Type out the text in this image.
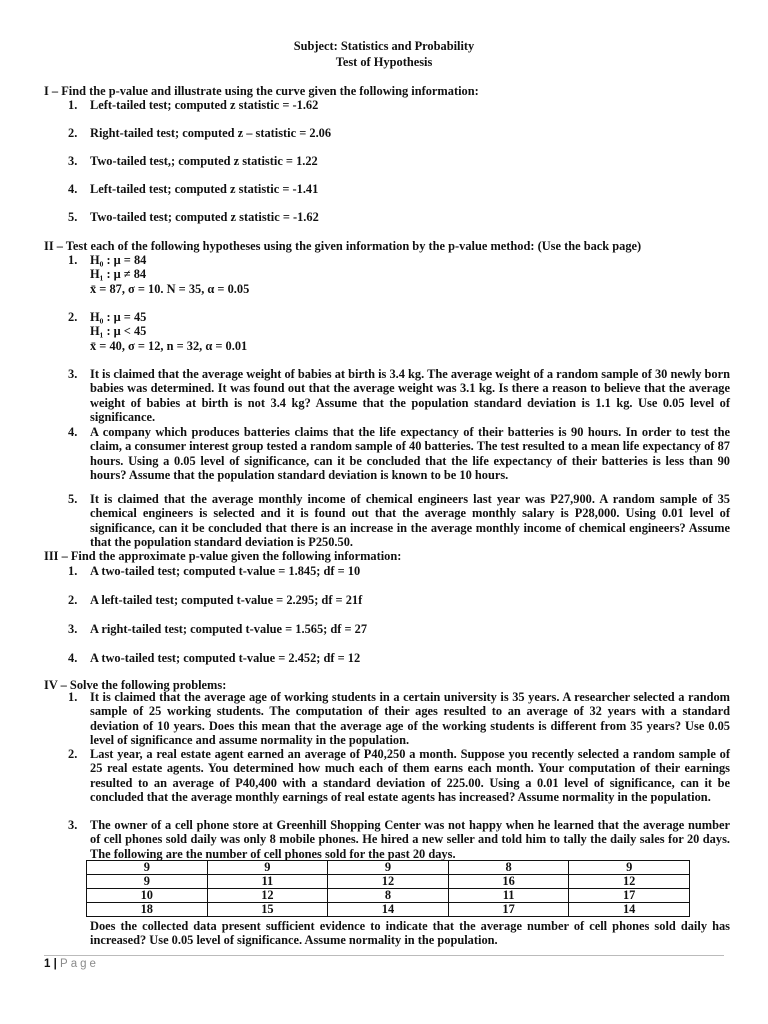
Subject: Statistics and Probability
Test of Hypothesis
I – Find the p-value and illustrate using the curve given the following information:
1. Left-tailed test; computed z statistic = -1.62
2. Right-tailed test; computed z – statistic = 2.06
3. Two-tailed test,; computed z statistic = 1.22
4. Left-tailed test; computed z statistic = -1.41
5. Two-tailed test; computed z statistic = -1.62
II – Test each of the following hypotheses using the given information by the p-value method: (Use the back page)
1. H₀ : μ = 84
H₁ : μ ≠ 84
x̄ = 87, σ = 10. N = 35, α = 0.05
2. H₀ : μ = 45
H₁ : μ < 45
x̄ = 40, σ = 12, n = 32, α = 0.01
3. It is claimed that the average weight of babies at birth is 3.4 kg. The average weight of a random sample of 30 newly born babies was determined. It was found out that the average weight was 3.1 kg. Is there a reason to believe that the average weight of babies at birth is not 3.4 kg? Assume that the population standard deviation is 1.1 kg. Use 0.05 level of significance.
4. A company which produces batteries claims that the life expectancy of their batteries is 90 hours. In order to test the claim, a consumer interest group tested a random sample of 40 batteries. The test resulted to a mean life expectancy of 87 hours. Using a 0.05 level of significance, can it be concluded that the life expectancy of their batteries is less than 90 hours? Assume that the population standard deviation is known to be 10 hours.
5. It is claimed that the average monthly income of chemical engineers last year was P27,900. A random sample of 35 chemical engineers is selected and it is found out that the average monthly salary is P28,000. Using 0.01 level of significance, can it be concluded that there is an increase in the average monthly income of chemical engineers? Assume that the population standard deviation is P250.50.
III – Find the approximate p-value given the following information:
1. A two-tailed test; computed t-value = 1.845; df = 10
2. A left-tailed test; computed t-value = 2.295; df = 21f
3. A right-tailed test; computed t-value = 1.565; df = 27
4. A two-tailed test; computed t-value = 2.452; df = 12
IV – Solve the following problems:
1. It is claimed that the average age of working students in a certain university is 35 years. A researcher selected a random sample of 25 working students. The computation of their ages resulted to an average of 32 years with a standard deviation of 10 years. Does this mean that the average age of the working students is different from 35 years? Use 0.05 level of significance and assume normality in the population.
2. Last year, a real estate agent earned an average of P40,250 a month. Suppose you recently selected a random sample of 25 real estate agents. You determined how much each of them earns each month. Your computation of their earnings resulted to an average of P40,400 with a standard deviation of 225.00. Using a 0.01 level of significance, can it be concluded that the average monthly earnings of real estate agents has increased? Assume normality in the population.
3. The owner of a cell phone store at Greenhill Shopping Center was not happy when he learned that the average number of cell phones sold daily was only 8 mobile phones. He hired a new seller and told him to tally the daily sales for 20 days. The following are the number of cell phones sold for the past 20 days.
9	9	9	8	9
9	11	12	16	12
10	12	8	11	17
18	15	14	17	14
Does the collected data present sufficient evidence to indicate that the average number of cell phones sold daily has increased? Use 0.05 level of significance. Assume normality in the population.
1 | Page
